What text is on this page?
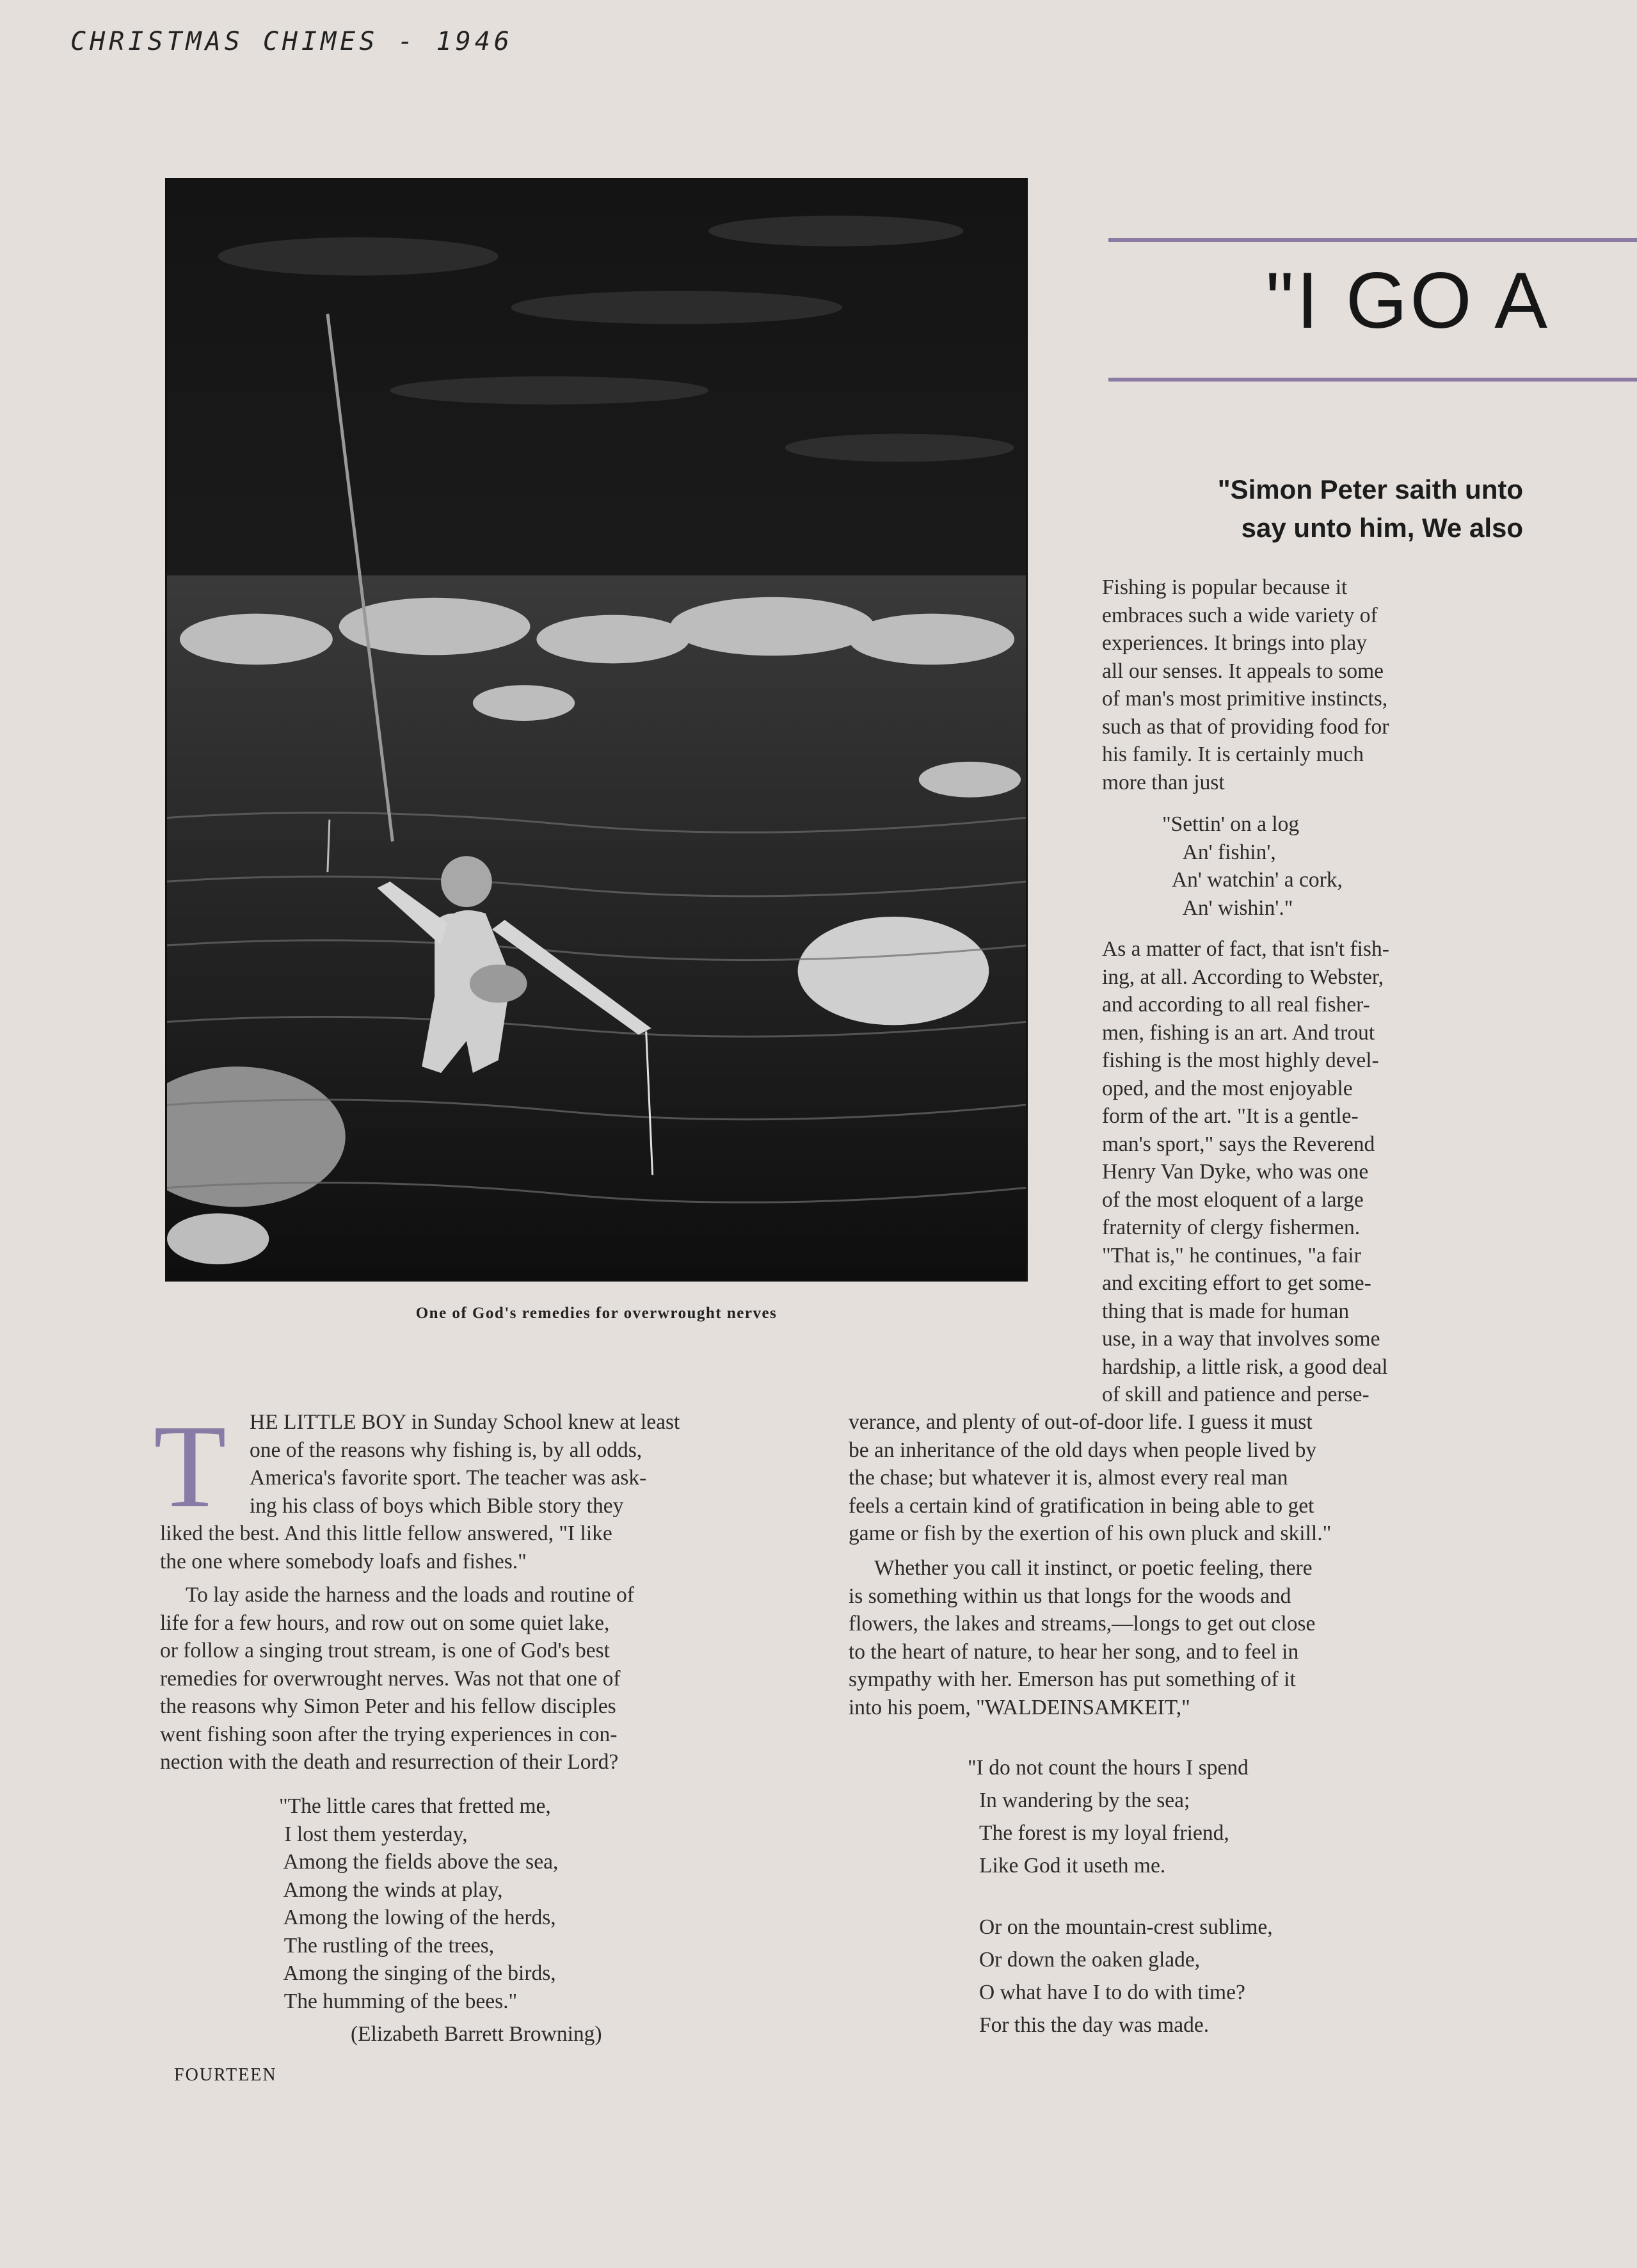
CHRISTMAS CHIMES - 1946
One of God's remedies for overwrought nerves
"I GO A
"Simon Peter saith unto
say unto him, We also
Fishing is popular because it
embraces such a wide variety of
experiences. It brings into play
all our senses. It appeals to some
of man's most primitive instincts,
such as that of providing food for
his family. It is certainly much
more than just
"Settin' on a log
An' fishin',
An' watchin' a cork,
An' wishin'."
As a matter of fact, that isn't fish-
ing, at all. According to Webster,
and according to all real fisher-
men, fishing is an art. And trout
fishing is the most highly devel-
oped, and the most enjoyable
form of the art. "It is a gentle-
man's sport," says the Reverend
Henry Van Dyke, who was one
of the most eloquent of a large
fraternity of clergy fishermen.
"That is," he continues, "a fair
and exciting effort to get some-
thing that is made for human
use, in a way that involves some
hardship, a little risk, a good deal
of skill and patience and perse-
verance, and plenty of out-of-door life. I guess it must
be an inheritance of the old days when people lived by
the chase; but whatever it is, almost every real man
feels a certain kind of gratification in being able to get
game or fish by the exertion of his own pluck and skill."
Whether you call it instinct, or poetic feeling, there
is something within us that longs for the woods and
flowers, the lakes and streams,—longs to get out close
to the heart of nature, to hear her song, and to feel in
sympathy with her. Emerson has put something of it
into his poem, "WALDEINSAMKEIT,"
"I do not count the hours I spend
In wandering by the sea;
The forest is my loyal friend,
Like God it useth me.
Or on the mountain-crest sublime,
Or down the oaken glade,
O what have I to do with time?
For this the day was made.
T	HE LITTLE BOY in Sunday School knew at least
one of the reasons why fishing is, by all odds,
America's favorite sport. The teacher was ask-
ing his class of boys which Bible story they
liked the best. And this little fellow answered, "I like
the one where somebody loafs and fishes."
To lay aside the harness and the loads and routine of
life for a few hours, and row out on some quiet lake,
or follow a singing trout stream, is one of God's best
remedies for overwrought nerves. Was not that one of
the reasons why Simon Peter and his fellow disciples
went fishing soon after the trying experiences in con-
nection with the death and resurrection of their Lord?
"The little cares that fretted me,
I lost them yesterday,
Among the fields above the sea,
Among the winds at play,
Among the lowing of the herds,
The rustling of the trees,
Among the singing of the birds,
The humming of the bees."
(Elizabeth Barrett Browning)
FOURTEEN
